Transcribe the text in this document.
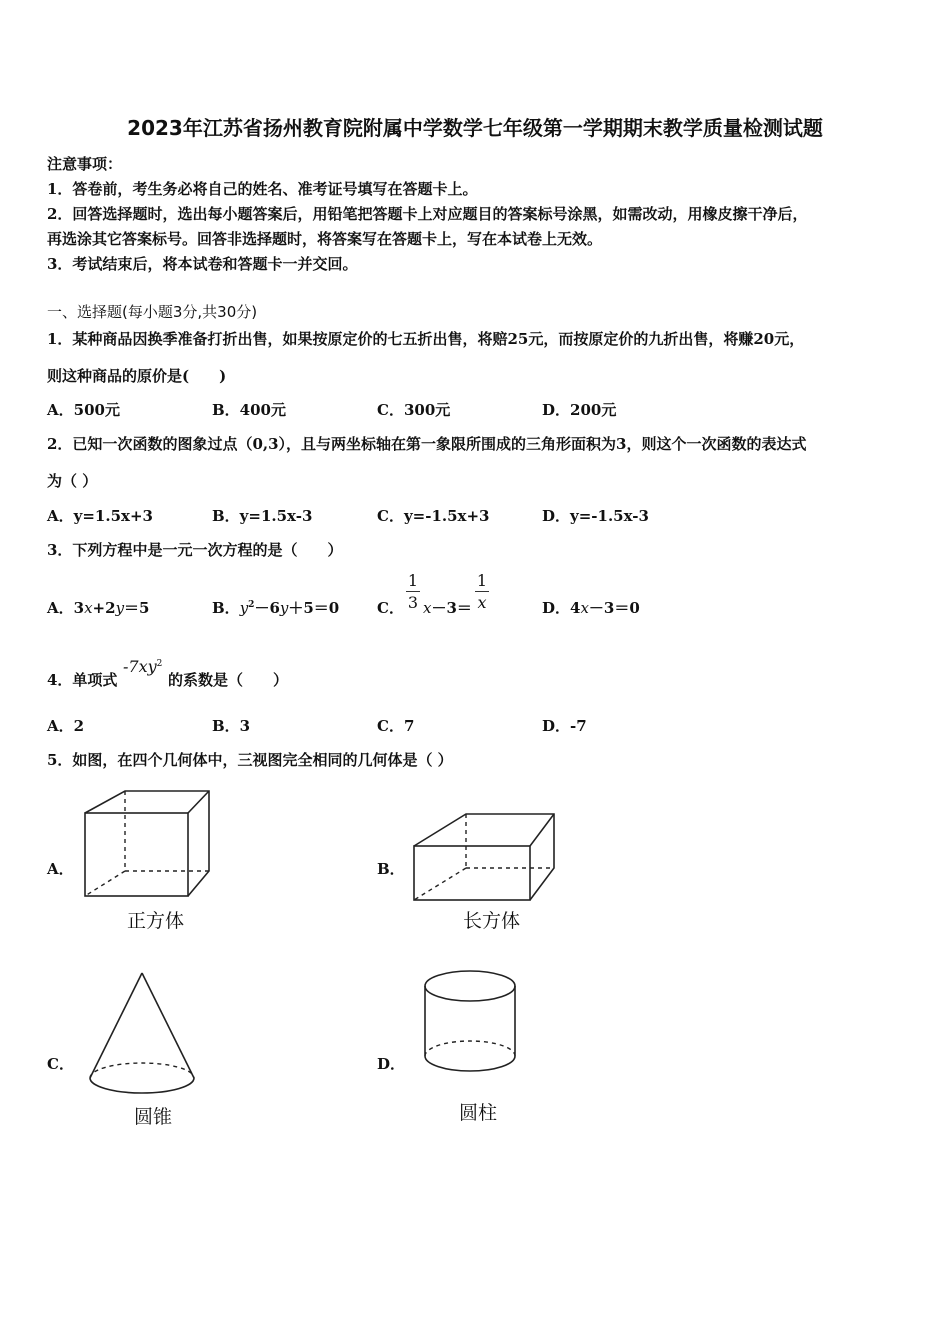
2023年江苏省扬州教育院附属中学数学七年级第一学期期末教学质量检测试题
注意事项：
1．答卷前，考生务必将自己的姓名、准考证号填写在答题卡上。
2．回答选择题时，选出每小题答案后，用铅笔把答题卡上对应题目的答案标号涂黑，如需改动，用橡皮擦干净后，
再选涂其它答案标号。回答非选择题时，将答案写在答题卡上，写在本试卷上无效。
3．考试结束后，将本试卷和答题卡一并交回。
一、选择题(每小题3分,共30分)
1．某种商品因换季准备打折出售，如果按原定价的七五折出售，将赔25元，而按原定价的九折出售，将赚20元，
则这种商品的原价是(　　)
A．500元	B．400元	C．300元	D．200元
2．已知一次函数的图象过点（0,3），且与两坐标轴在第一象限所围成的三角形面积为3，则这个一次函数的表达式
为（ ）
A．y=1.5x+3	B．y=1.5x-3	C．y=-1.5x+3	D．y=-1.5x-3
3．下列方程中是一元一次方程的是（　　）
A．3x+2y＝5	B．$y^2-6y+5=0$	C．
1
3 x－3＝
1
x	D．4x－3＝0
4．单项式
$-7xy^2$
的系数是（　　）
A．2	B．3	C．7	D．-7
5．如图，在四个几何体中，三视图完全相同的几何体是（ ）
A．
正方体
B．
长方体
C．
圆锥
D．
圆柱
